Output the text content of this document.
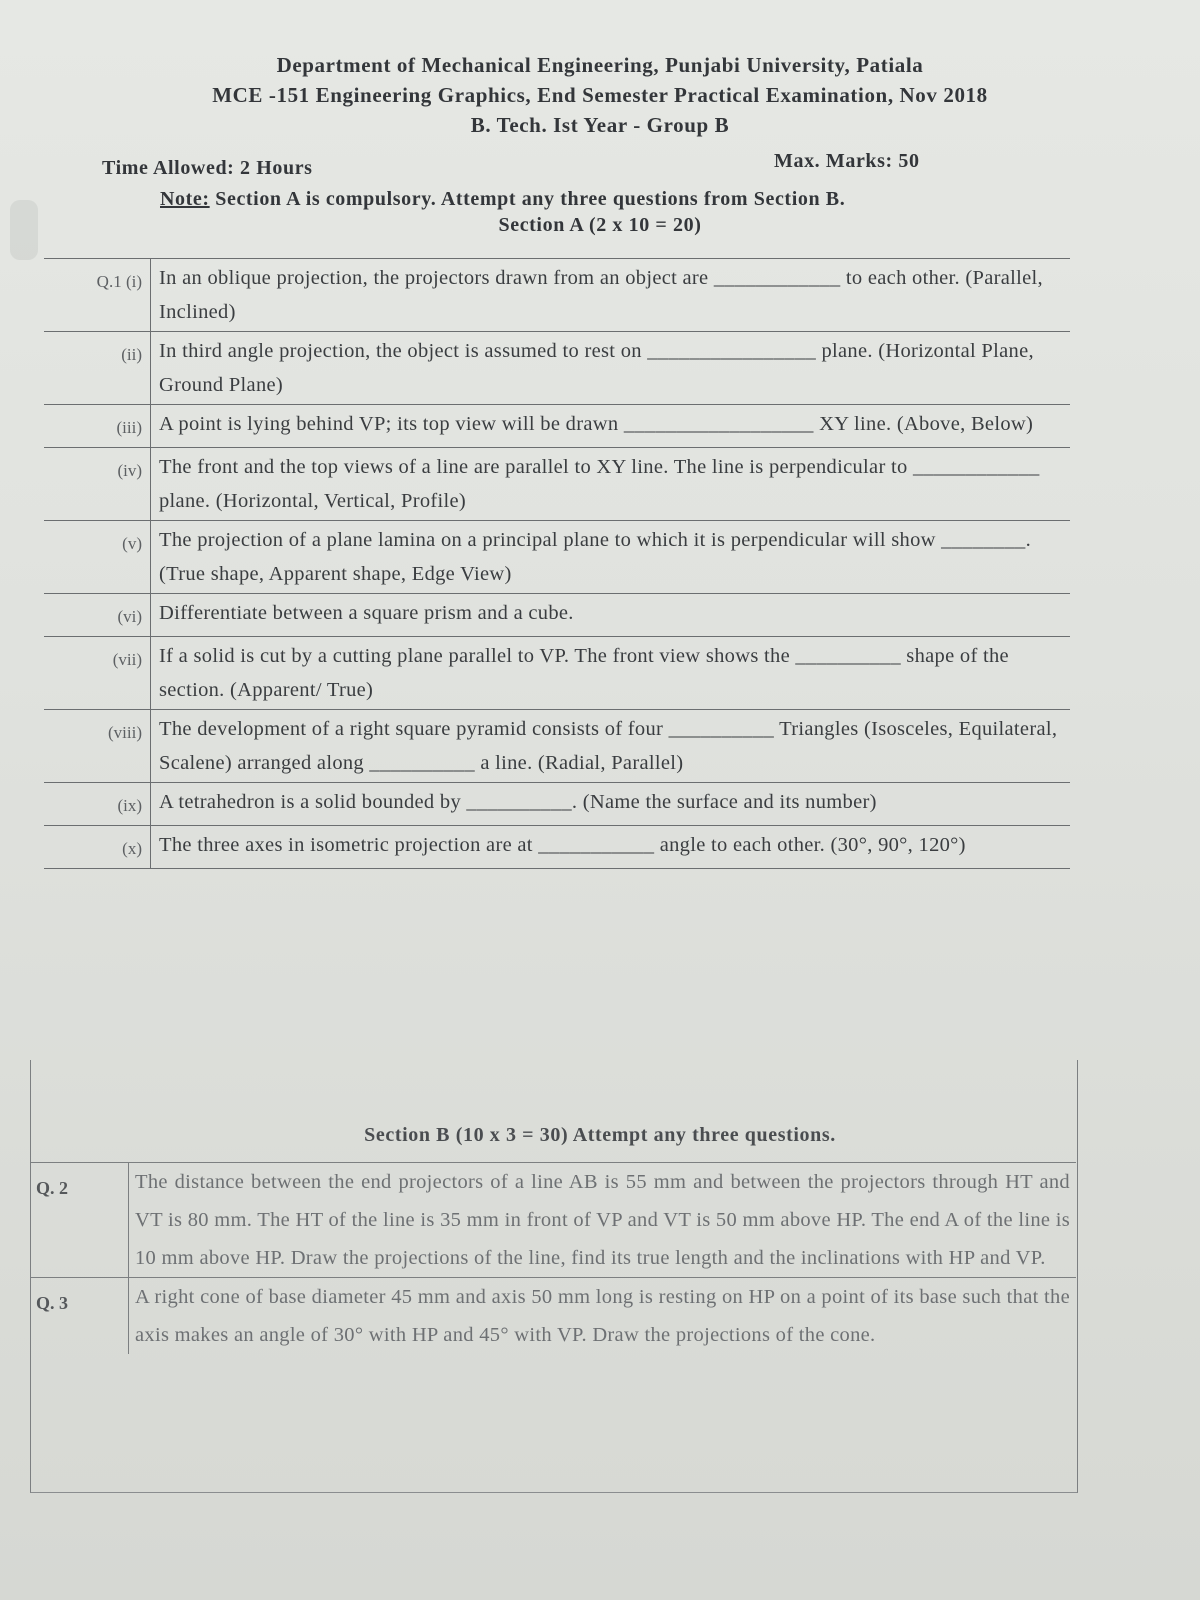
Department of Mechanical Engineering, Punjabi University, Patiala
MCE -151 Engineering Graphics, End Semester Practical Examination, Nov 2018
B. Tech. Ist Year - Group B
Time Allowed: 2 Hours	Max. Marks: 50
Note: Section A is compulsory. Attempt any three questions from Section B.
Section A (2 x 10 = 20)
Q.1 (i)	In an oblique projection, the projectors drawn from an object are ____________ to each other. (Parallel, Inclined)
(ii)	In third angle projection, the object is assumed to rest on ________________ plane. (Horizontal Plane, Ground Plane)
(iii)	A point is lying behind VP; its top view will be drawn __________________ XY line. (Above, Below)
(iv)	The front and the top views of a line are parallel to XY line. The line is perpendicular to ____________ plane. (Horizontal, Vertical, Profile)
(v)	The projection of a plane lamina on a principal plane to which it is perpendicular will show ________. (True shape, Apparent shape, Edge View)
(vi)	Differentiate between a square prism and a cube.
(vii)	If a solid is cut by a cutting plane parallel to VP. The front view shows the __________ shape of the section. (Apparent/ True)
(viii)	The development of a right square pyramid consists of four __________ Triangles (Isosceles, Equilateral, Scalene) arranged along __________ a line. (Radial, Parallel)
(ix)	A tetrahedron is a solid bounded by __________. (Name the surface and its number)
(x)	The three axes in isometric projection are at ___________ angle to each other. (30°, 90°, 120°)
Section B (10 x 3 = 30) Attempt any three questions.
Q. 2	The distance between the end projectors of a line AB is 55 mm and between the projectors through HT and VT is 80 mm. The HT of the line is 35 mm in front of VP and VT is 50 mm above HP. The end A of the line is 10 mm above HP. Draw the projections of the line, find its true length and the inclinations with HP and VP.
Q. 3	A right cone of base diameter 45 mm and axis 50 mm long is resting on HP on a point of its base such that the axis makes an angle of 30° with HP and 45° with VP. Draw the projections of the cone.
